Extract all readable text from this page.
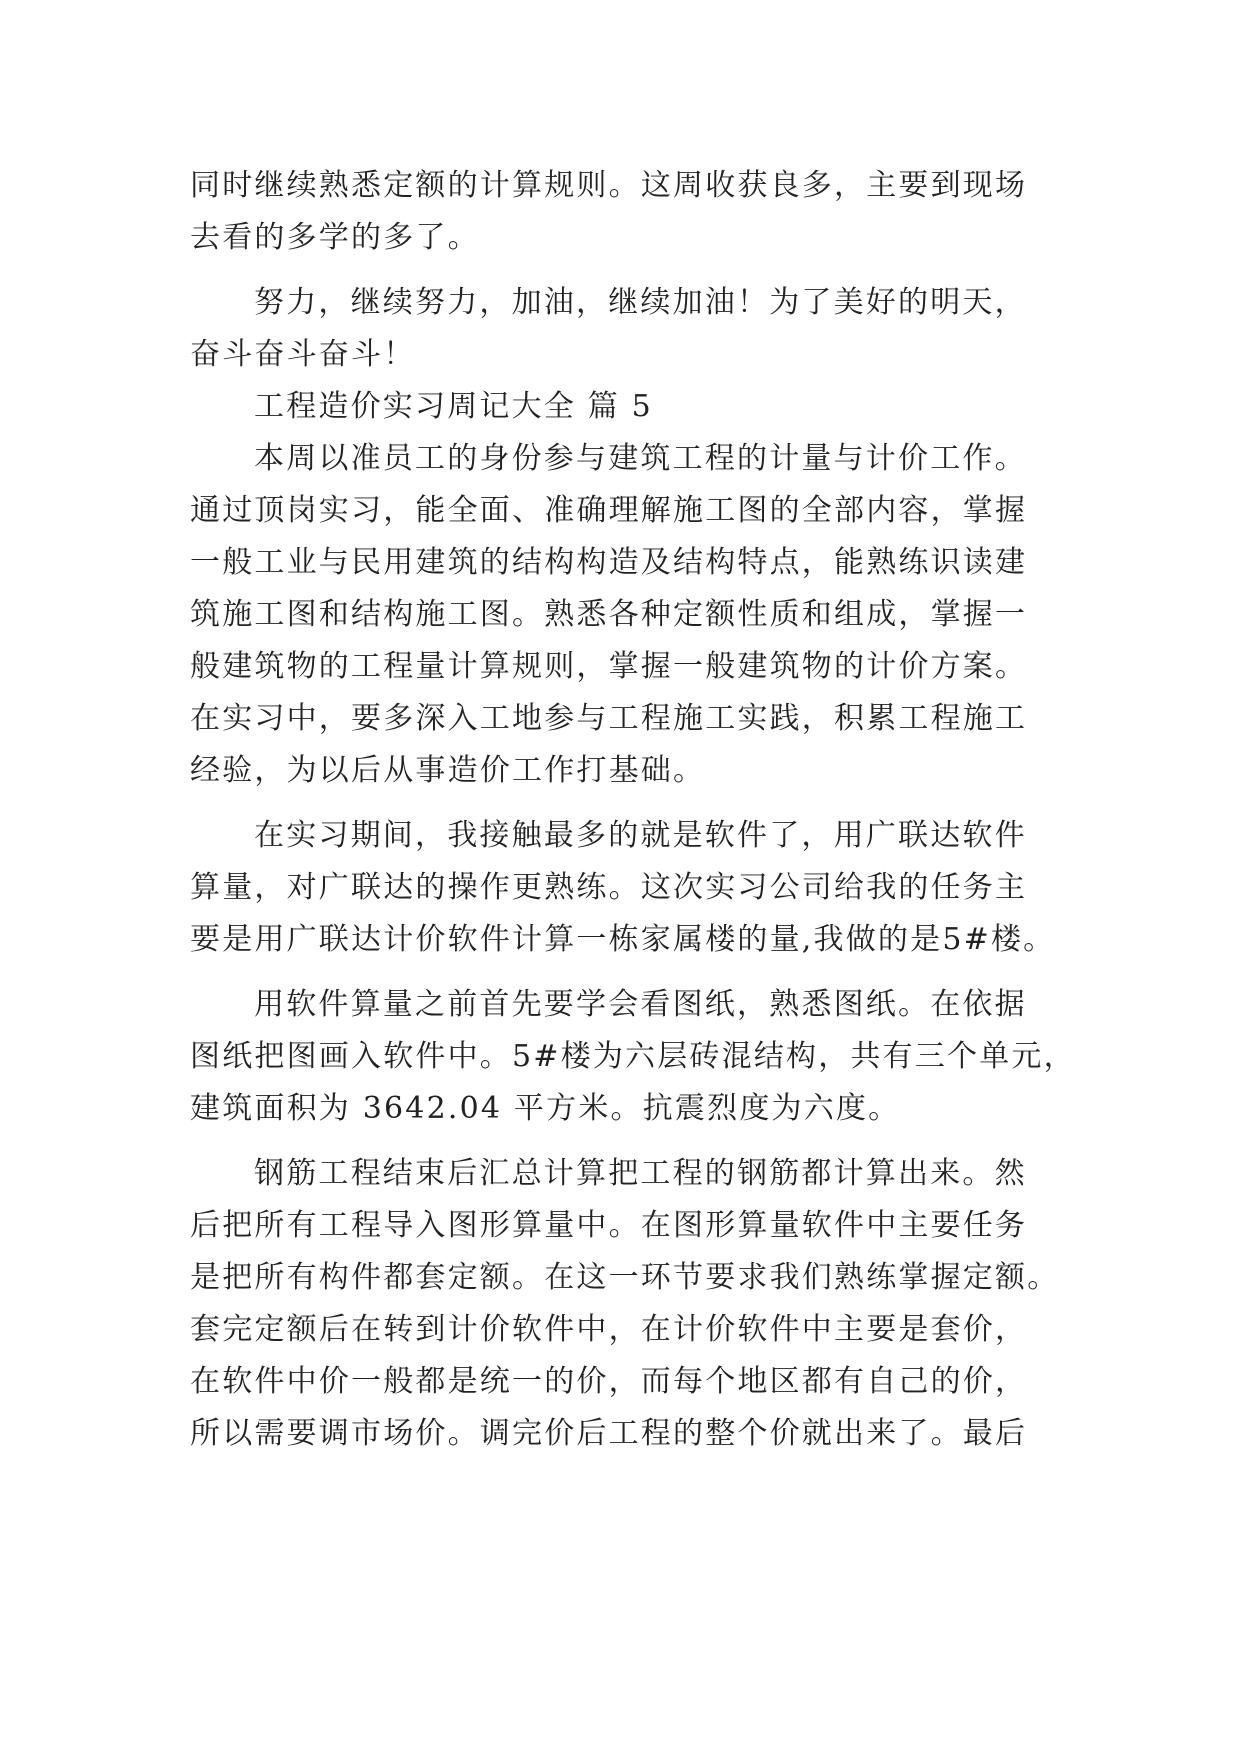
同时继续熟悉定额的计算规则。这周收获良多，主要到现场
去看的多学的多了。
努力，继续努力，加油，继续加油！为了美好的明天，
奋斗奋斗奋斗！
工程造价实习周记大全 篇 5
本周以准员工的身份参与建筑工程的计量与计价工作。
通过顶岗实习，能全面、准确理解施工图的全部内容，掌握
一般工业与民用建筑的结构构造及结构特点，能熟练识读建
筑施工图和结构施工图。熟悉各种定额性质和组成，掌握一
般建筑物的工程量计算规则，掌握一般建筑物的计价方案。
在实习中，要多深入工地参与工程施工实践，积累工程施工
经验，为以后从事造价工作打基础。
在实习期间，我接触最多的就是软件了，用广联达软件
算量，对广联达的操作更熟练。这次实习公司给我的任务主
要是用广联达计价软件计算一栋家属楼的量,我做的是5#楼。
用软件算量之前首先要学会看图纸，熟悉图纸。在依据
图纸把图画入软件中。5#楼为六层砖混结构，共有三个单元，
建筑面积为 3642.04 平方米。抗震烈度为六度。
钢筋工程结束后汇总计算把工程的钢筋都计算出来。然
后把所有工程导入图形算量中。在图形算量软件中主要任务
是把所有构件都套定额。在这一环节要求我们熟练掌握定额。
套完定额后在转到计价软件中，在计价软件中主要是套价，
在软件中价一般都是统一的价，而每个地区都有自己的价，
所以需要调市场价。调完价后工程的整个价就出来了。最后
